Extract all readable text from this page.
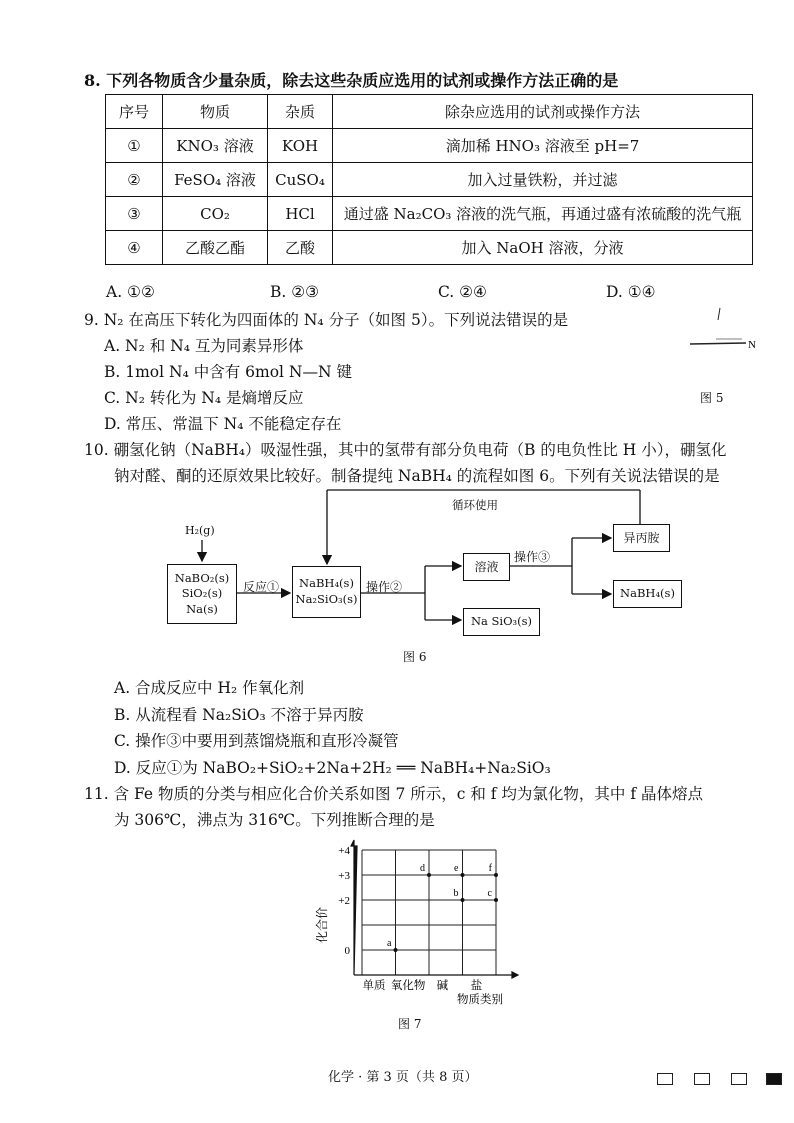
8. 下列各物质含少量杂质，除去这些杂质应选用的试剂或操作方法正确的是
序号	物质	杂质	除杂应选用的试剂或操作方法
①	KNO₃ 溶液	KOH	滴加稀 HNO₃ 溶液至 pH=7
②	FeSO₄ 溶液	CuSO₄	加入过量铁粉，并过滤
③	CO₂	HCl	通过盛 Na₂CO₃ 溶液的洗气瓶，再通过盛有浓硫酸的洗气瓶
④	乙酸乙酯	乙酸	加入 NaOH 溶液，分液
A. ①②	B. ②③	C. ②④	D. ①④
9. N₂ 在高压下转化为四面体的 N₄ 分子（如图 5）。下列说法错误的是
A. N₂ 和 N₄ 互为同素异形体
B. 1mol N₄ 中含有 6mol N—N 键
C. N₂ 转化为 N₄ 是熵增反应
D. 常压、常温下 N₄ 不能稳定存在
N
图 5
10. 硼氢化钠（NaBH₄）吸湿性强，其中的氢带有部分负电荷（B 的电负性比 H 小），硼氢化
钠对醛、酮的还原效果比较好。制备提纯 NaBH₄ 的流程如图 6。下列有关说法错误的是
H₂(g)
NaBO₂(s)
SiO₂(s)
Na(s)
反应①	NaBH₄(s)
Na₂SiO₃(s)
操作②
溶液
操作③
循环使用
异丙胺
NaBH₄(s)
Na SiO₃(s)
图 6
A. 合成反应中 H₂ 作氧化剂
B. 从流程看 Na₂SiO₃ 不溶于异丙胺
C. 操作③中要用到蒸馏烧瓶和直形冷凝管
D. 反应①为 NaBO₂+SiO₂+2Na+2H₂ ══ NaBH₄+Na₂SiO₃
11. 含 Fe 物质的分类与相应化合价关系如图 7 所示，c 和 f 均为氯化物，其中 f 晶体熔点
为 306℃，沸点为 316℃。下列推断合理的是
+4
+3
+2
0
单质 氧化物 碱 盐
a
d
b
e
c
f
化合价
物质类别
图 7
化学 · 第 3 页（共 8 页）
